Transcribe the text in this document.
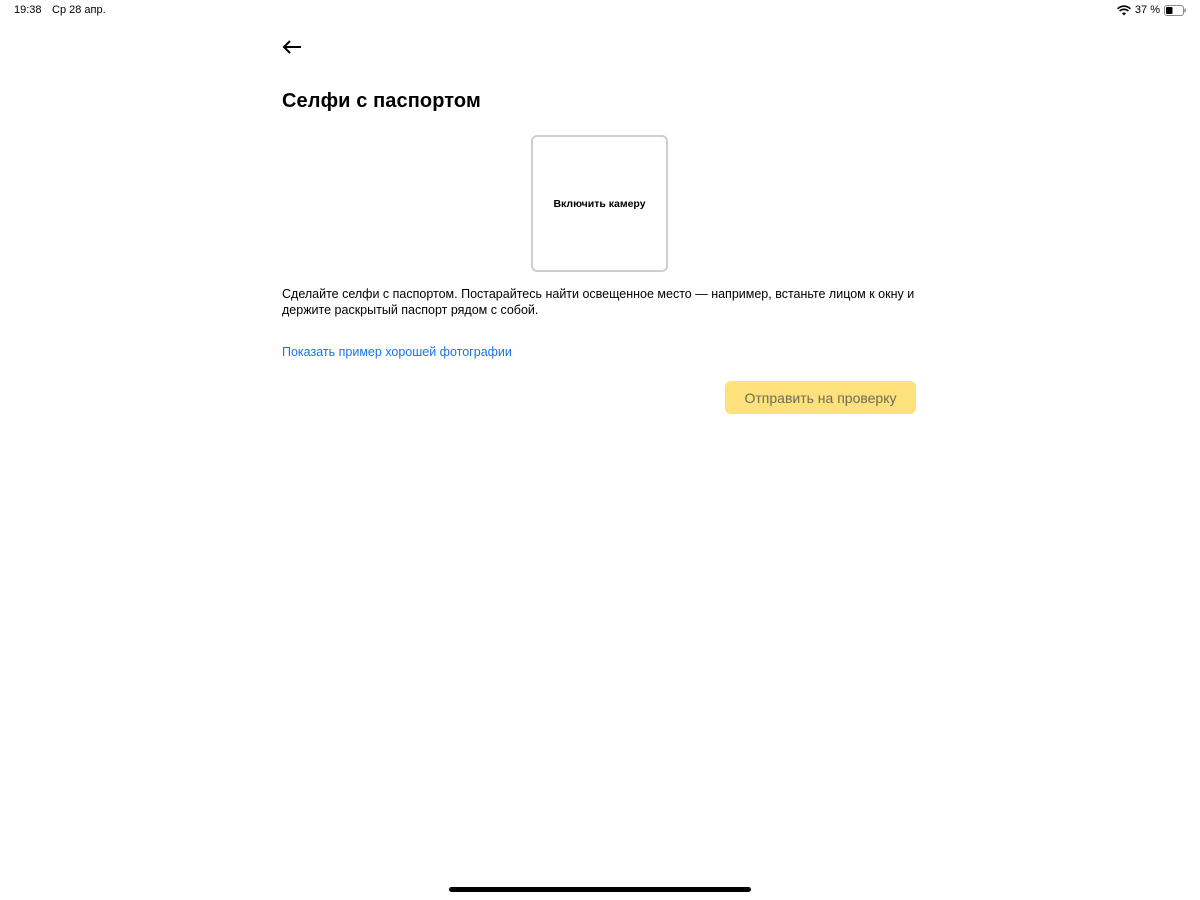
19:38 Ср 28 апр.	37 %
Селфи с паспортом
Включить камеру

Сделайте селфи с паспортом. Постарайтесь найти освещенное место — например, встаньте лицом к окну и держите раскрытый паспорт рядом с собой.

Показать пример хорошей фотографии
Отправить на проверку
